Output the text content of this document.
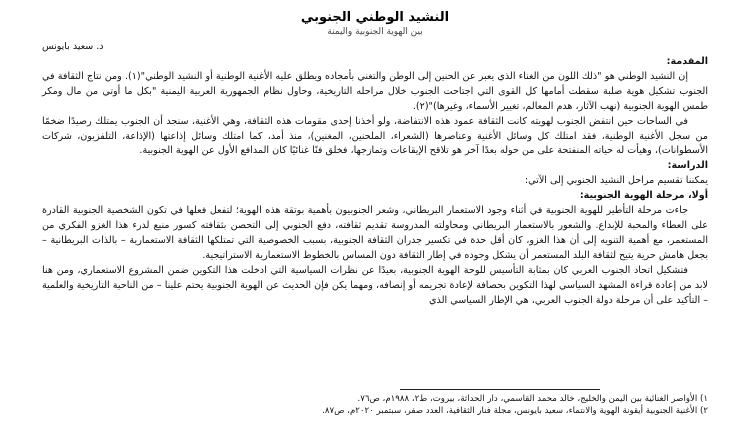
النشيد الوطني الجنوبي
بين الهوية الجنوبية واليمنة
د. سعيد بايونس

المقدمة:

إن النشيد الوطني هو "ذلك اللون من الغناء الذي يعبر عن الحنين إلى الوطن والتغني بأمجاده ويطلق عليه الأغنية الوطنية أو النشيد الوطني"(١). ومن نتاج الثقافة في الجنوب تشكيل هوية صلبة سقطت أمامها كل القوى التي اجتاحت الجنوب خلال مراحله التاريخية، وحاول نظام الجمهورية العربية اليمنية "بكل ما أوتي من مال ومكر طمس الهوية الجنوبية (نهب الآثار، هدم المعالم، تغيير الأسماء، وغيرها)"(٢).

في الساحات حين انتفض الجنوب لهويته كانت الثقافة عمود هذه الانتفاضة، ولو أخذنا إحدى مقومات هذه الثقافة، وهي الأغنية، سنجد أن الجنوب يمتلك رصيدًا ضخمًا من سجل الأغنية الوطنية، فقد امتلك كل وسائل الأغنية وعناصرها (الشعراء، الملحنين، المغنين)، منذ أمد، كما امتلك وسائل إذاعتها (الإذاعة، التلفزيون، شركات الأسطوانات)، وهيأت له حياته المنفتحة على من حوله بعدًا آخر هو تلاقح الإيقاعات وتمازجها، فخلق فنًا غنائيًا كان المدافع الأول عن الهوية الجنوبية.

الدراسة:

يمكننا تقسيم مراحل النشيد الجنوبي إلى الآتي:

أولا، مرحلة الهوية الجنوبية:

جاءت مرحلة التأطير للهوية الجنوبية في أثناء وجود الاستعمار البريطاني، وشعر الجنوبيون بأهمية بوتقة هذه الهوية؛ لتفعل فعلها في تكون الشخصية الجنوبية القادرة على العطاء والمحبة للإبداع. والشعور بالاستعمار البريطاني ومحاولته المدروسة تقديم ثقافته، دفع الجنوبي إلى التحصن بثقافته كسور منيع لدرء هذا الغزو الفكري من المستعمر، مع أهمية التنويه إلى أن هذا الغزو، كان أقل حدة في تكسير جدران الثقافة الجنوبية، بسبب الخصوصية التي تمتلكها الثقافة الاستعمارية – بالذات البريطانية – بجعل هامش حرية يتيح لثقافة البلد المستعمر أن يشكل وجوده في إطار الثقافة دون المساس بالخطوط الاستعمارية الاستراتيجية.

فتشكيل اتحاد الجنوب العربي كان بمثابة التأسيس للوحة الهوية الجنوبية، بعيدًا عن نظرات السياسية التي ادخلت هذا التكوين ضمن المشروع الاستعماري، ومن هنا لابد من إعادة قراءة المشهد السياسي لهذا التكوين بحصافة لإعادة تجريمه أو إنصافه، ومهما يكن فإن الحديث عن الهوية الجنوبية يحتم علينا – من الناحية التاريخية والعلمية – التأكيد على أن مرحلة دولة الجنوب العربي، هي الإطار السياسي الذي

١) الأواصر الغنائية بين اليمن والخليج، خالد محمد القاسمي، دار الحداثة، بيروت، ط٢، ١٩٨٨م، ص٧٦.

٢) الأغنية الجنوبية أيقونة الهوية والانتماء، سعيد بايونس، مجلة فنار الثقافية، العدد صفر، سبتمبر ٢٠٢٠م، ص٨٧.
